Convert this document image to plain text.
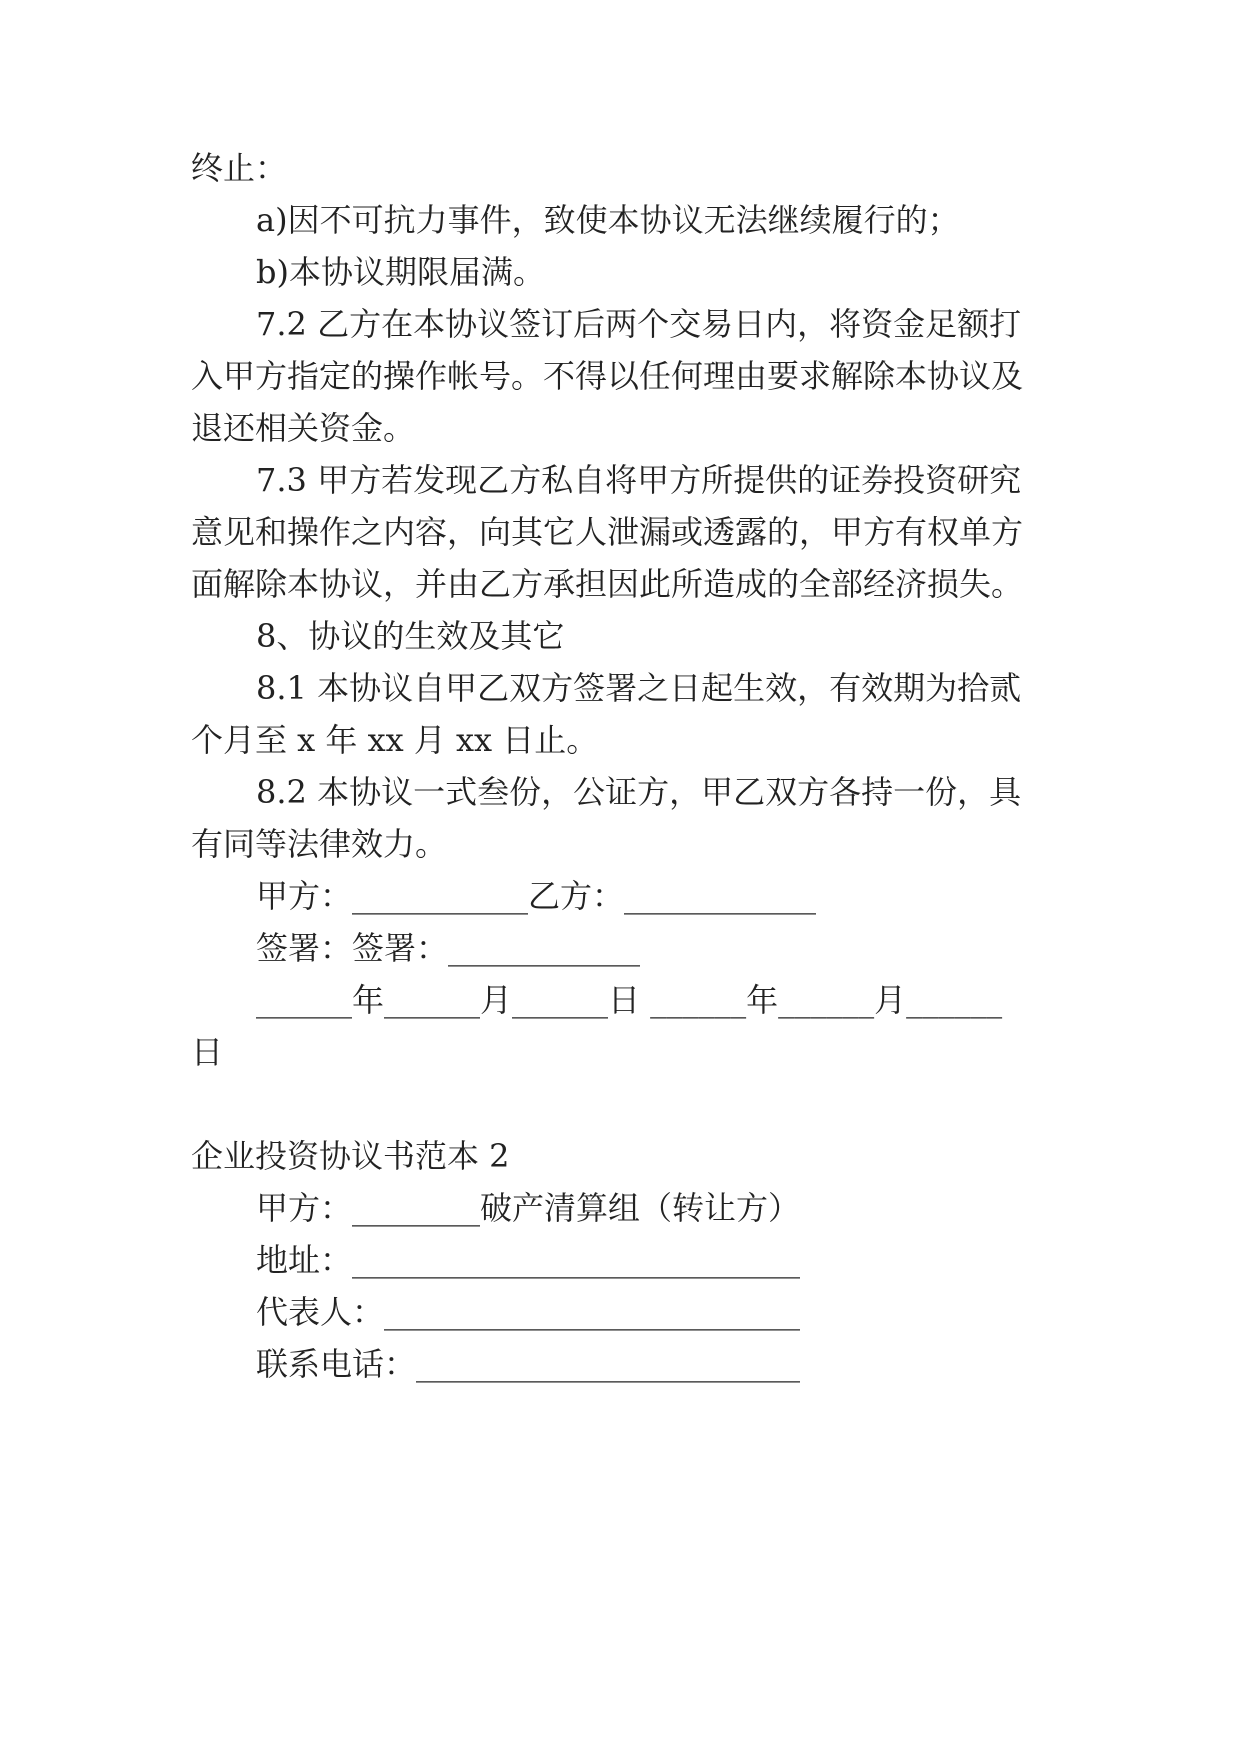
终止：
a)因不可抗力事件，致使本协议无法继续履行的；
b)本协议期限届满。
7.2 乙方在本协议签订后两个交易日内，将资金足额打
入甲方指定的操作帐号。不得以任何理由要求解除本协议及
退还相关资金。
7.3 甲方若发现乙方私自将甲方所提供的证券投资研究
意见和操作之内容，向其它人泄漏或透露的，甲方有权单方
面解除本协议，并由乙方承担因此所造成的全部经济损失。
8、协议的生效及其它
8.1 本协议自甲乙双方签署之日起生效，有效期为拾贰
个月至 x 年 xx 月 xx 日止。
8.2 本协议一式叁份，公证方，甲乙双方各持一份，具
有同等法律效力。
甲方：___________乙方：____________
签署：签署：____________
______年______月______日 ______年______月______
日
企业投资协议书范本 2
甲方：________破产清算组（转让方）
地址：____________________________
代表人：__________________________
联系电话：________________________
